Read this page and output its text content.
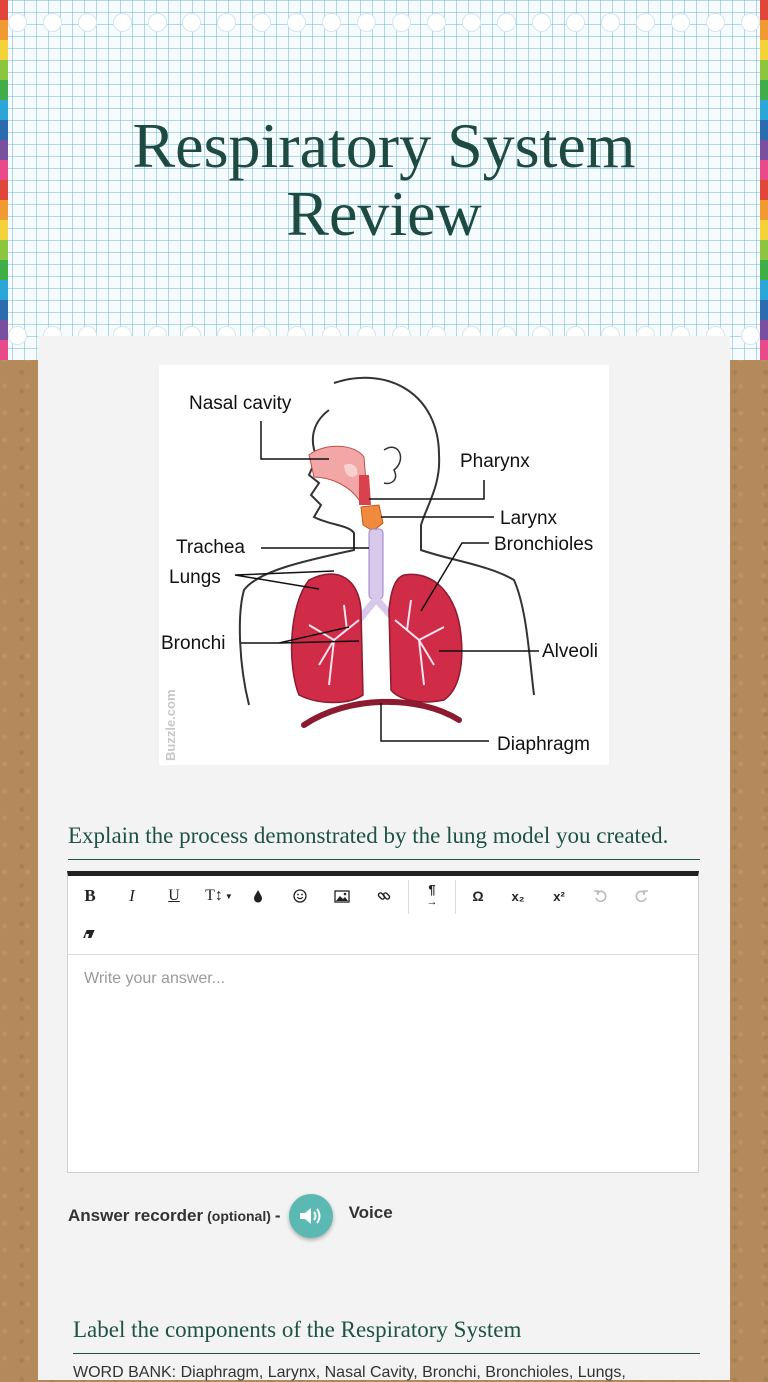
Respiratory System Review
Nasal cavity
Pharynx
Larynx
Trachea	Bronchioles
Lungs
Bronchi	Alveoli
Diaphragm
Buzzle.com
Explain the process demonstrated by the lung model you created.
B	I	U	T↕ ▼	¶
→	Ω	x₂	x²
Write your answer...
Answer recorder (optional) -	Voice
Label the components of the Respiratory System
WORD BANK: Diaphragm, Larynx, Nasal Cavity, Bronchi, Bronchioles, Lungs,
